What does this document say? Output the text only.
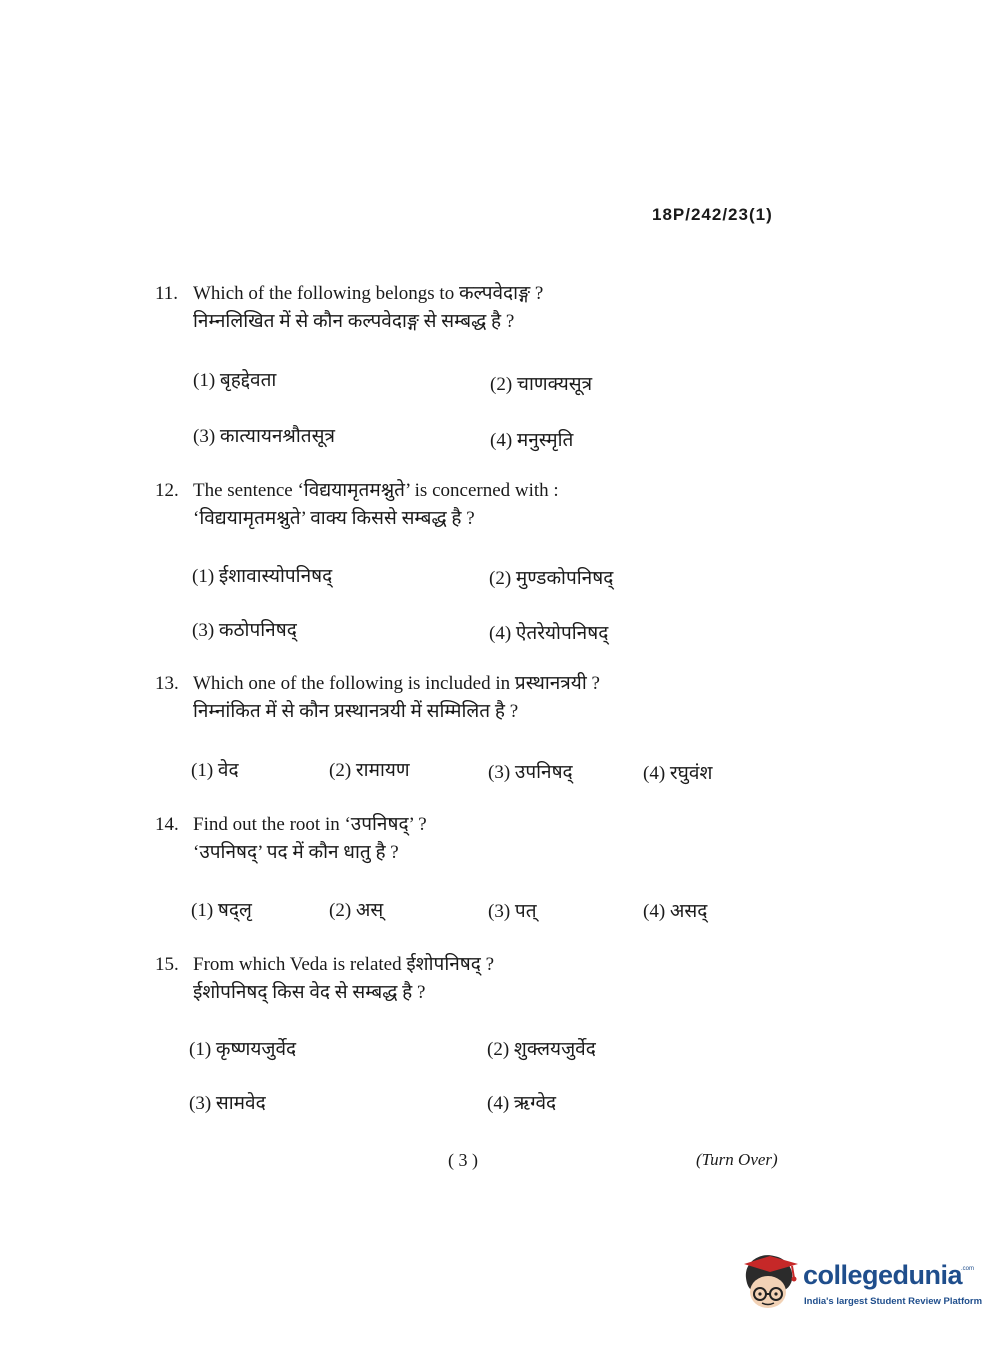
18P/242/23(1)
11. Which of the following belongs to कल्पवेदाङ्ग ?
निम्नलिखित में से कौन कल्पवेदाङ्ग से सम्बद्ध है ?
(1) बृहद्देवता	(2) चाणक्यसूत्र
(3) कात्यायनश्रौतसूत्र	(4) मनुस्मृति
12. The sentence ‘विद्ययामृतमश्नुते’ is concerned with :
‘विद्ययामृतमश्नुते’ वाक्य किससे सम्बद्ध है ?
(1) ईशावास्योपनिषद्	(2) मुण्डकोपनिषद्
(3) कठोपनिषद्	(4) ऐतरेयोपनिषद्
13. Which one of the following is included in प्रस्थानत्रयी ?
निम्नांकित में से कौन प्रस्थानत्रयी में सम्मिलित है ?
(1) वेद	(2) रामायण	(3) उपनिषद्	(4) रघुवंश
14. Find out the root in ‘उपनिषद्’ ?
‘उपनिषद्’ पद में कौन धातु है ?
(1) षद्लृ	(2) अस्	(3) पत्	(4) असद्
15. From which Veda is related ईशोपनिषद् ?
ईशोपनिषद् किस वेद से सम्बद्ध है ?
(1) कृष्णयजुर्वेद	(2) शुक्लयजुर्वेद
(3) सामवेद	(4) ऋग्वेद
( 3 )	(Turn Over)
collegedunia
.com
India's largest Student Review Platform
